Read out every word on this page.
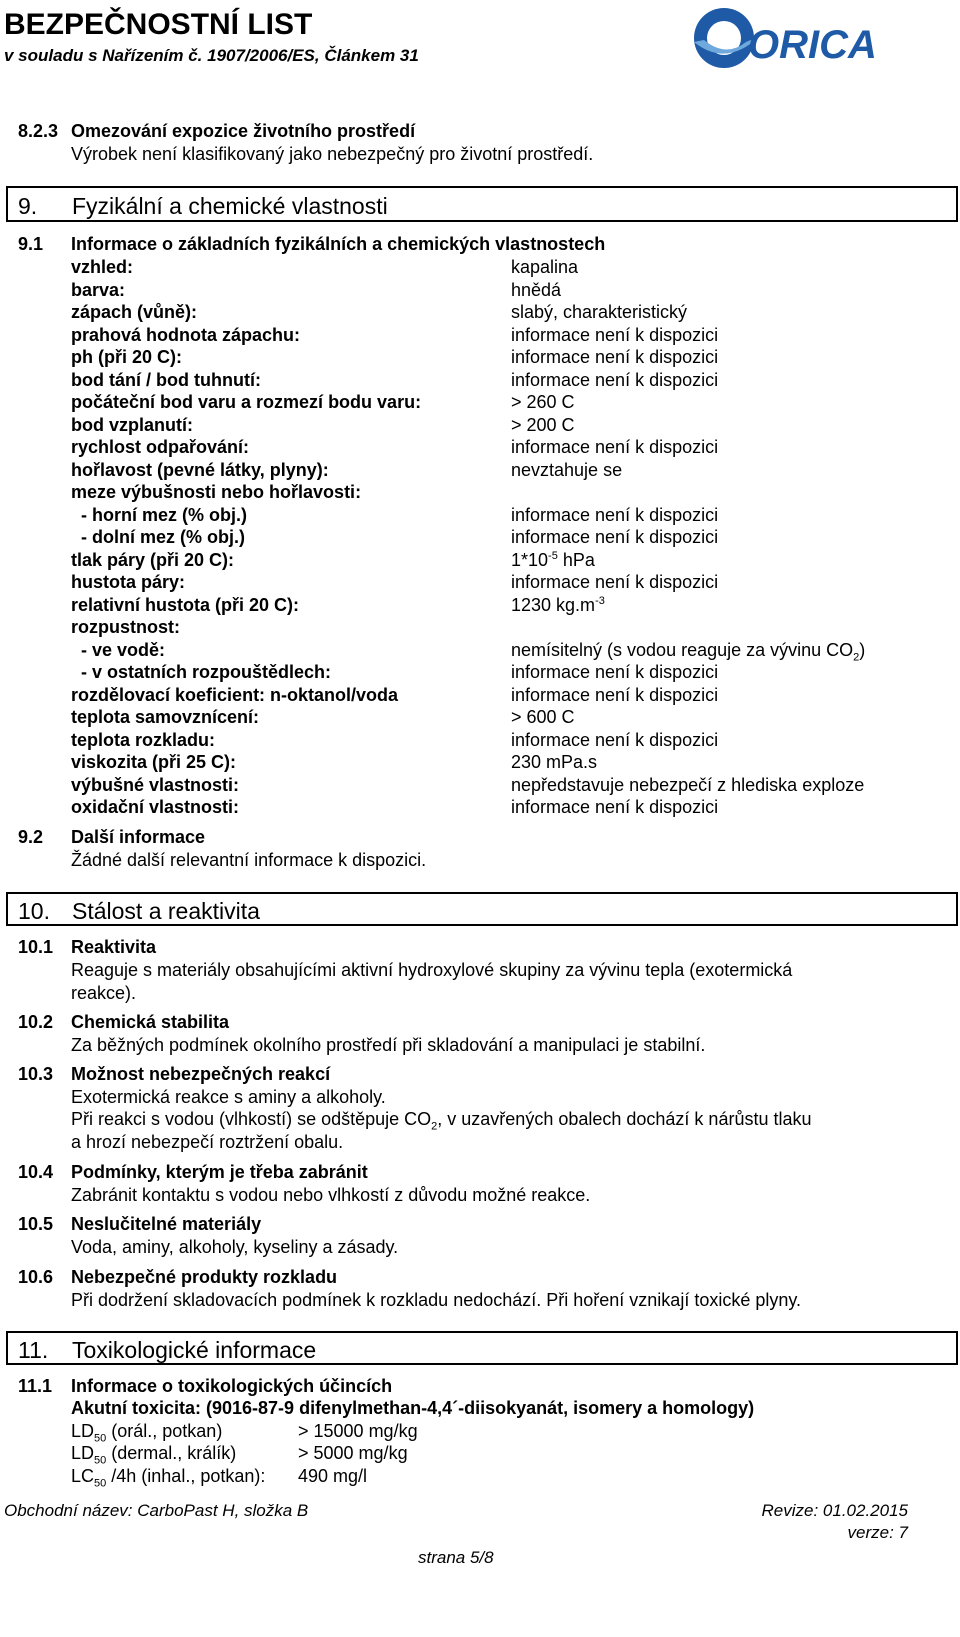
BEZPEČNOSTNÍ LIST
v souladu s Nařízením č. 1907/2006/ES, Článkem 31	ORICA
8.2.3 Omezování expozice životního prostředí
Výrobek není klasifikovaný jako nebezpečný pro životní prostředí.
9. Fyzikální a chemické vlastnosti
9.1 Informace o základních fyzikálních a chemických vlastnostech
vzhled:	kapalina
barva:	hnědá
zápach (vůně):	slabý, charakteristický
prahová hodnota zápachu:	informace není k dispozici
ph (při 20 C):	informace není k dispozici
bod tání / bod tuhnutí:	informace není k dispozici
počáteční bod varu a rozmezí bodu varu:	> 260 C
bod vzplanutí:	> 200 C
rychlost odpařování:	informace není k dispozici
hořlavost (pevné látky, plyny):	nevztahuje se
meze výbušnosti nebo hořlavosti:
- horní mez (% obj.)	informace není k dispozici
- dolní mez (% obj.)	informace není k dispozici
tlak páry (při 20 C):	$1*10^{-5}$ hPa
hustota páry:	informace není k dispozici
relativní hustota (při 20 C):	1230 $kg.m^{-3}$
rozpustnost:
- ve vodě:	nemísitelný (s vodou reaguje za vývinu $CO_2$)
- v ostatních rozpouštědlech:	informace není k dispozici
rozdělovací koeficient: n-oktanol/voda	informace není k dispozici
teplota samovznícení:	> 600 C
teplota rozkladu:	informace není k dispozici
viskozita (při 25 C):	230 mPa.s
výbušné vlastnosti:	nepředstavuje nebezpečí z hlediska exploze
oxidační vlastnosti:	informace není k dispozici
9.2 Další informace
Žádné další relevantní informace k dispozici.
10. Stálost a reaktivita
10.1 Reaktivita
Reaguje s materiály obsahujícími aktivní hydroxylové skupiny za vývinu tepla (exotermická
reakce).
10.2 Chemická stabilita
Za běžných podmínek okolního prostředí při skladování a manipulaci je stabilní.
10.3 Možnost nebezpečných reakcí
Exotermická reakce s aminy a alkoholy.
Při reakci s vodou (vlhkostí) se odštěpuje $CO_2$, v uzavřených obalech dochází k nárůstu tlaku
a hrozí nebezpečí roztržení obalu.
10.4 Podmínky, kterým je třeba zabránit
Zabránit kontaktu s vodou nebo vlhkostí z důvodu možné reakce.
10.5 Neslučitelné materiály
Voda, aminy, alkoholy, kyseliny a zásady.
10.6 Nebezpečné produkty rozkladu
Při dodržení skladovacích podmínek k rozkladu nedochází. Při hoření vznikají toxické plyny.
11. Toxikologické informace
11.1 Informace o toxikologických účincích
Akutní toxicita: (9016-87-9 difenylmethan-4,4´-diisokyanát, isomery a homology)
$LD_{50}$ (orál., potkan)	> 15000 mg/kg
$LD_{50}$ (dermal., králík)	> 5000 mg/kg
$LC_{50}$ /4h (inhal., potkan): 490 mg/l
Obchodní název: CarboPast H, složka B	Revize: 01.02.2015
verze: 7
strana 5/8
